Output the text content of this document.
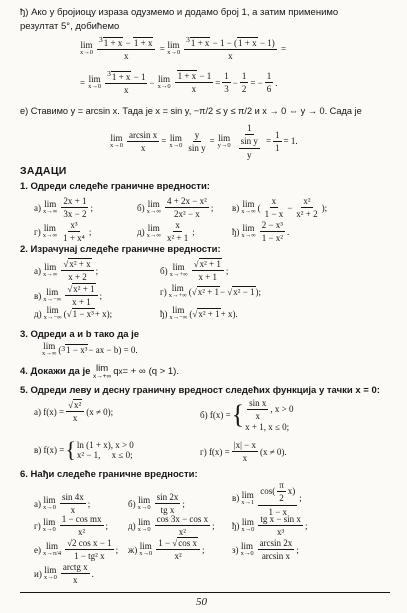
ђ) Ако у бројиоцу израза одузмемо и додамо број 1, а затим применимо
резултат 5°, добићемо
lim
$x\to 0 \frac{^31 + x - 1 + x}{x} = \lim$
$x\to 0 \frac{^31 + x - 1 - (1 + x - 1)}{x}$ =
= lim
$x\to 0 \frac{^31 + x - 1}{x} - \lim$
$x\to 0 \frac{1 + x - 1}{x} = \frac{1}{3} - \frac{1}{2}$ = − $\frac{1}{6}$ .
е) Ставимо y = arcsin x. Тада је x = sin y, −π/2 ≤ y ≤ π/2 и x → 0 ⇔ y → 0. Сада је
lim
$x\to 0 \frac{\text{arcsin x}}{x} = \lim$
$x\to 0 \frac{y}{\text{sin y}} = \lim$
$y\to 0 \frac{1}{\frac{\text{sin y}}{y}} = \frac{1}{1} = 1$.
ЗАДАЦИ
1. Одреди следеће граничне вредности:
а) lim
$x\to\infty \frac{2x + 1}{3x - 2}$ ;	б) lim
$x\to\infty \frac{\text{4 + 2x − x²}}{\text{2x² − x}}$ ; в) lim
x→∞ ( $\frac{x}{1 - x} - \frac{\text{x²}}{\text{x² + 2}}$ );
г) lim
$x\to\infty \frac{\text{x³}}{\text{1 + x⁴}}$ ;	д) lim
$x\to\infty \frac{x}{\text{x² + 1}}$ ;	ђ) lim
$x\to\infty \frac{\text{2 − x³}}{\text{1 − x²}}$ .
2. Израчунај следеће граничне вредности:
а) lim
$x\to\infty \frac{\text{√x² + x}}{x + 2}$ ;	б) lim
$x\to+\infty \frac{\text{√x² + 1}}{x + 1}$ ;
в) lim
$x\to-\infty \frac{\text{√x² + 1}}{x + 1}$ ;	г) lim
x→+∞ (√ x² + 1 − √ x² − 1 );
д) lim
x→−∞ (√ 1 − x³ + x);	ђ) lim
x→−∞ (√ x² + 1 + x).
3. Одреди a и b тако да је
lim
x→∞ ( 3 1 − x³ − ax − b) = 0.
4. Докажи да је
lim
x→+∞ q x = + ∞ (q > 1).
5. Одреди леву и десну граничну вредност следећих функција у тачки x = 0:
а) $f(x) = \frac{\text{√x²}}{x} (x \ne 0)$;	б) f(x) = { $\frac{\text{sin x}}{x}$ , x > 0
x + 1, x ≤ 0;
в) f(x) = { ln (1 + x), x > 0
x² − 1,     x ≤ 0;	г) $f(x) = \frac{|x| - x}{x} (x \ne 0)$.
6. Нађи следеће граничне вредности:
а) lim
$x\to 0 \frac{\sin 4x}{x}$ ;	б) lim
$x\to 0 \frac{\sin 2x}{\text{tg x}}$ ;
в) lim
$x\to 1 \frac{\cos( \frac{\pi}{2} x)}{1 - x}$ ;
г) lim
$x\to 0 \frac{\text{1 − cos mx}}{\text{x²}}$ ; д) lim
$x\to 0 \frac{\text{cos 3x − cos x}}{\text{x²}}$ ; ђ) lim
$x\to 0 \frac{\text{tg x − sin x}}{\text{x³}}$ ;
е) lim
$x\to\pi/4 \frac{\text{√2 cos x − 1}}{\text{1 − tg² x}}$ ; ж) lim
$x\to 0 \frac{\text{1 − √cos x}}{\text{x²}}$ ;	з) lim
$x\to 0 \frac{\arcsin 2x}{\text{arcsin x}}$ ;
и) lim
$x\to 0 \frac{\text{arctg x}}{x}$ .
50
